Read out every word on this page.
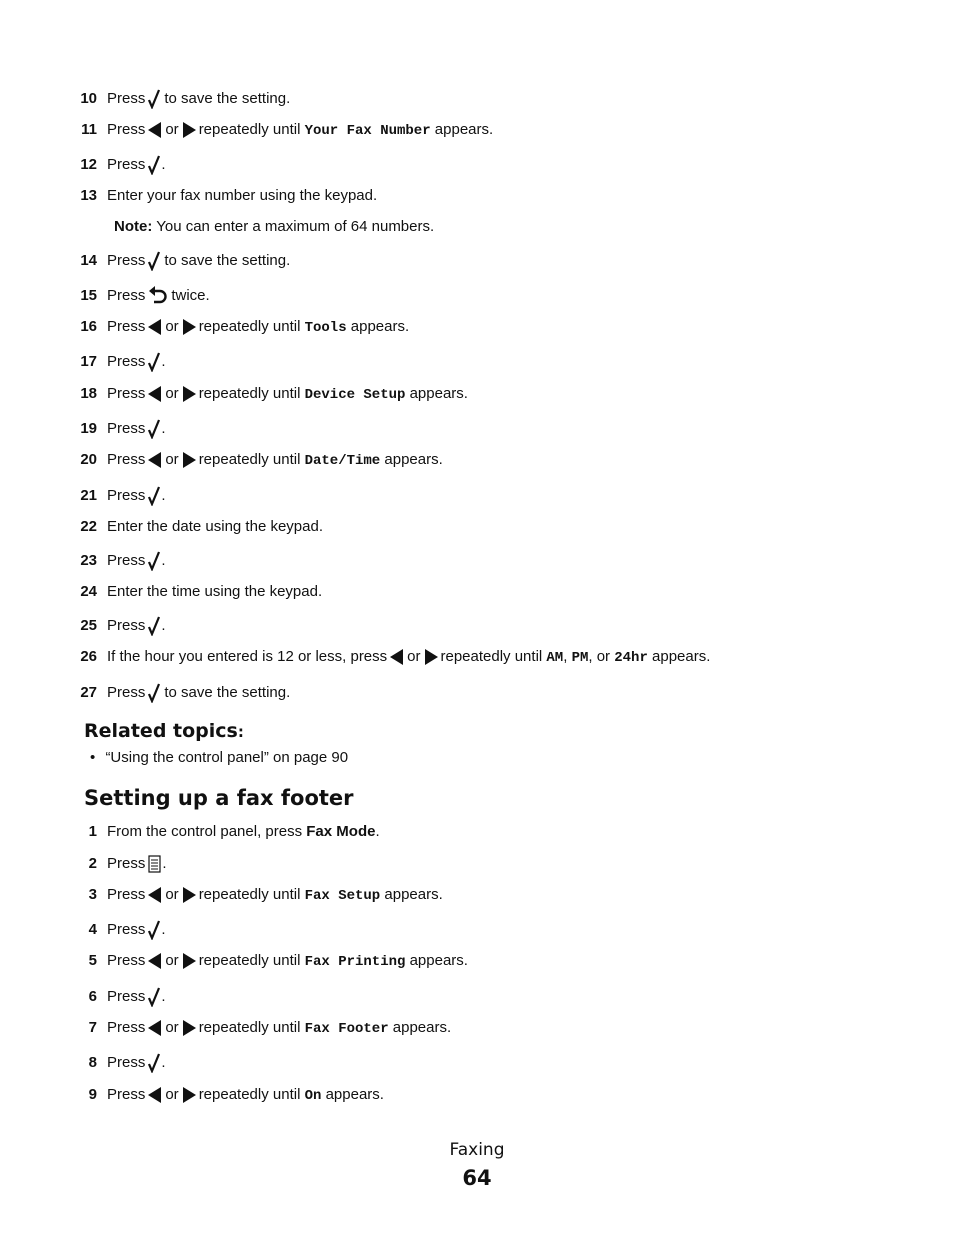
10 Press to save the setting.
11 Press or repeatedly until Your Fax Number appears.
12 Press .
13 Enter your fax number using the keypad.
Note: You can enter a maximum of 64 numbers.
14 Press to save the setting.
15 Press twice.
16 Press or repeatedly until Tools appears.
17 Press .
18 Press or repeatedly until Device Setup appears.
19 Press .
20 Press or repeatedly until Date/Time appears.
21 Press .
22 Enter the date using the keypad.
23 Press .
24 Enter the time using the keypad.
25 Press .
26 If the hour you entered is 12 or less, press or repeatedly until AM, PM, or 24hr appears.
27 Press to save the setting.
Related topics:
• “Using the control panel” on page 90
Setting up a fax footer
1 From the control panel, press Fax Mode.
2 Press .
3 Press or repeatedly until Fax Setup appears.
4 Press .
5 Press or repeatedly until Fax Printing appears.
6 Press .
7 Press or repeatedly until Fax Footer appears.
8 Press .
9 Press or repeatedly until On appears.
Faxing
64
